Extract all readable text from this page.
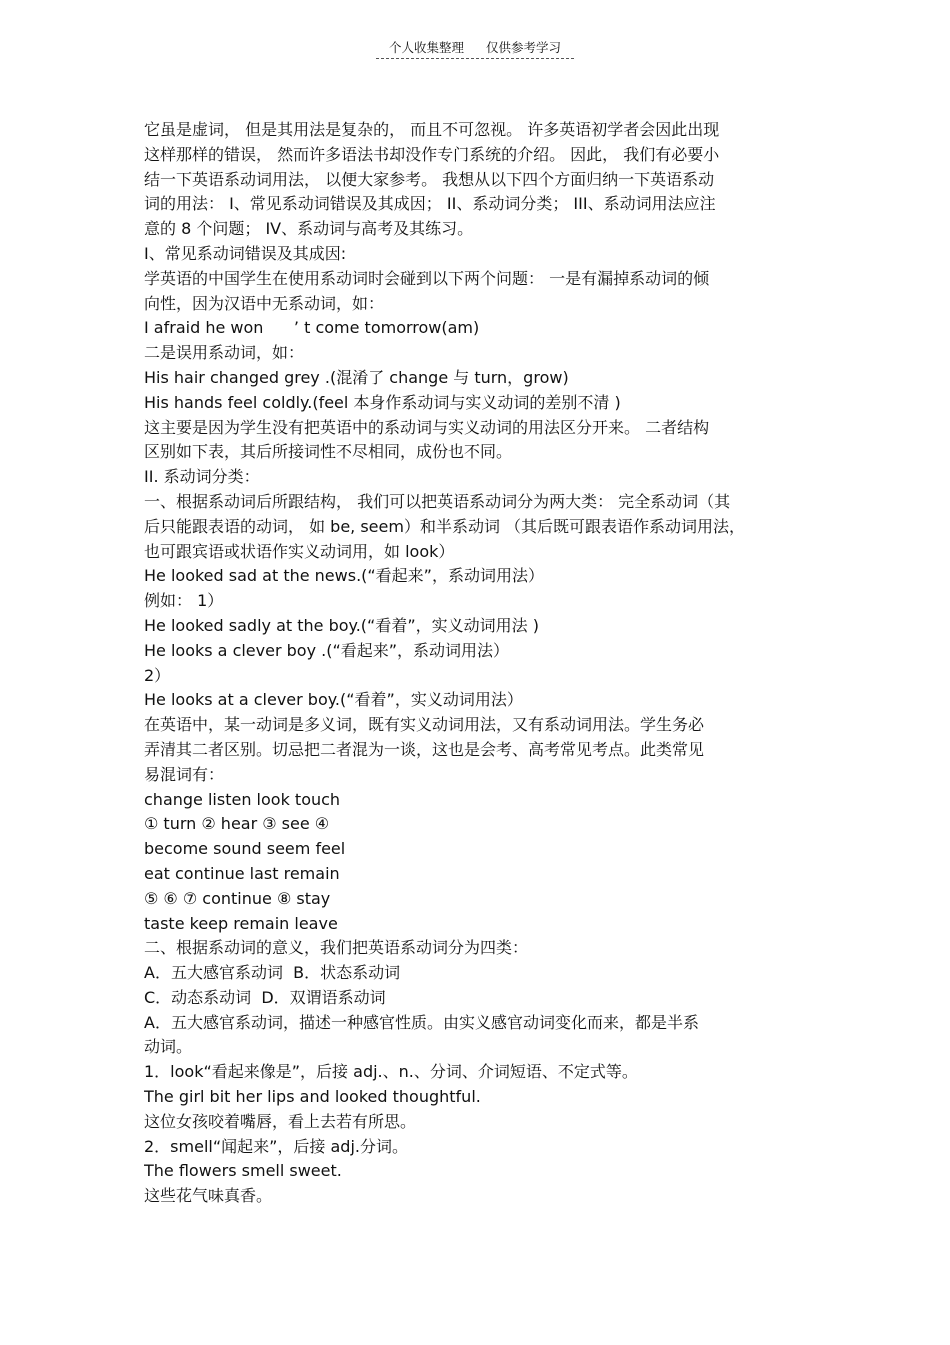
个人收集整理 仅供参考学习
它虽是虚词， 但是其用法是复杂的， 而且不可忽视。 许多英语初学者会因此出现
这样那样的错误， 然而许多语法书却没作专门系统的介绍。 因此， 我们有必要小
结一下英语系动词用法， 以便大家参考。 我想从以下四个方面归纳一下英语系动
词的用法： I、常见系动词错误及其成因； II、系动词分类； III、系动词用法应注
意的 8 个问题； IV、系动词与高考及其练习。
I、常见系动词错误及其成因:
学英语的中国学生在使用系动词时会碰到以下两个问题： 一是有漏掉系动词的倾
向性，因为汉语中无系动词，如：
I afraid he won      ’ t come tomorrow(am)
二是误用系动词，如：
His hair changed grey .(混淆了 change 与 turn，grow)
His hands feel coldly.(feel 本身作系动词与实义动词的差别不清 )
这主要是因为学生没有把英语中的系动词与实义动词的用法区分开来。 二者结构
区别如下表，其后所接词性不尽相同，成份也不同。
II. 系动词分类：
一、根据系动词后所跟结构， 我们可以把英语系动词分为两大类： 完全系动词（其
后只能跟表语的动词， 如 be, seem）和半系动词 （其后既可跟表语作系动词用法，
也可跟宾语或状语作实义动词用，如 look）
He looked sad at the news.(“看起来”，系动词用法）
例如： 1）
He looked sadly at the boy.(“看着”，实义动词用法 )
He looks a clever boy .(“看起来”，系动词用法）
2）
He looks at a clever boy.(“看着”，实义动词用法）
在英语中，某一动词是多义词，既有实义动词用法，又有系动词用法。学生务必
弄清其二者区别。切忌把二者混为一谈，这也是会考、高考常见考点。此类常见
易混词有：
change listen look touch
① turn ② hear ③ see ④
become sound seem feel
eat continue last remain
⑤ ⑥ ⑦ continue ⑧ stay
taste keep remain leave
二、根据系动词的意义，我们把英语系动词分为四类：
A．五大感官系动词  B．状态系动词
C．动态系动词  D．双谓语系动词
A．五大感官系动词，描述一种感官性质。由实义感官动词变化而来，都是半系
动词。
1．look“看起来像是”，后接 adj.、n.、分词、介词短语、不定式等。
The girl bit her lips and looked thoughtful.
这位女孩咬着嘴唇，看上去若有所思。
2．smell“闻起来”，后接 adj.分词。
The flowers smell sweet.
这些花气味真香。
